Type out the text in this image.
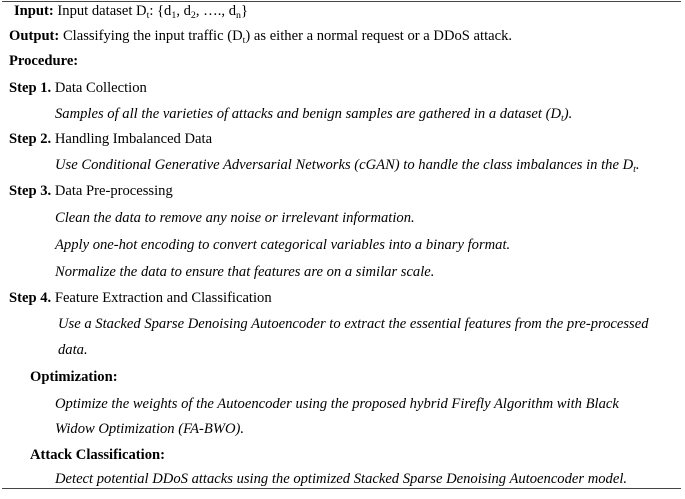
Input: Input dataset $D_t$: {$d_1$, $d_2$, …., $d_n$}
Output: Classifying the input traffic $(D_t)$ as either a normal request or a DDoS attack.
Procedure:
Step 1. Data Collection
Samples of all the varieties of attacks and benign samples are gathered in a dataset $(D_t)$.
Step 2. Handling Imbalanced Data
Use Conditional Generative Adversarial Networks (cGAN) to handle the class imbalances in the $D_t$.
Step 3. Data Pre-processing
Clean the data to remove any noise or irrelevant information.
Apply one-hot encoding to convert categorical variables into a binary format.
Normalize the data to ensure that features are on a similar scale.
Step 4. Feature Extraction and Classification
Use a Stacked Sparse Denoising Autoencoder to extract the essential features from the pre-processed
data.
Optimization:
Optimize the weights of the Autoencoder using the proposed hybrid Firefly Algorithm with Black
Widow Optimization (FA-BWO).
Attack Classification:
Detect potential DDoS attacks using the optimized Stacked Sparse Denoising Autoencoder model.
